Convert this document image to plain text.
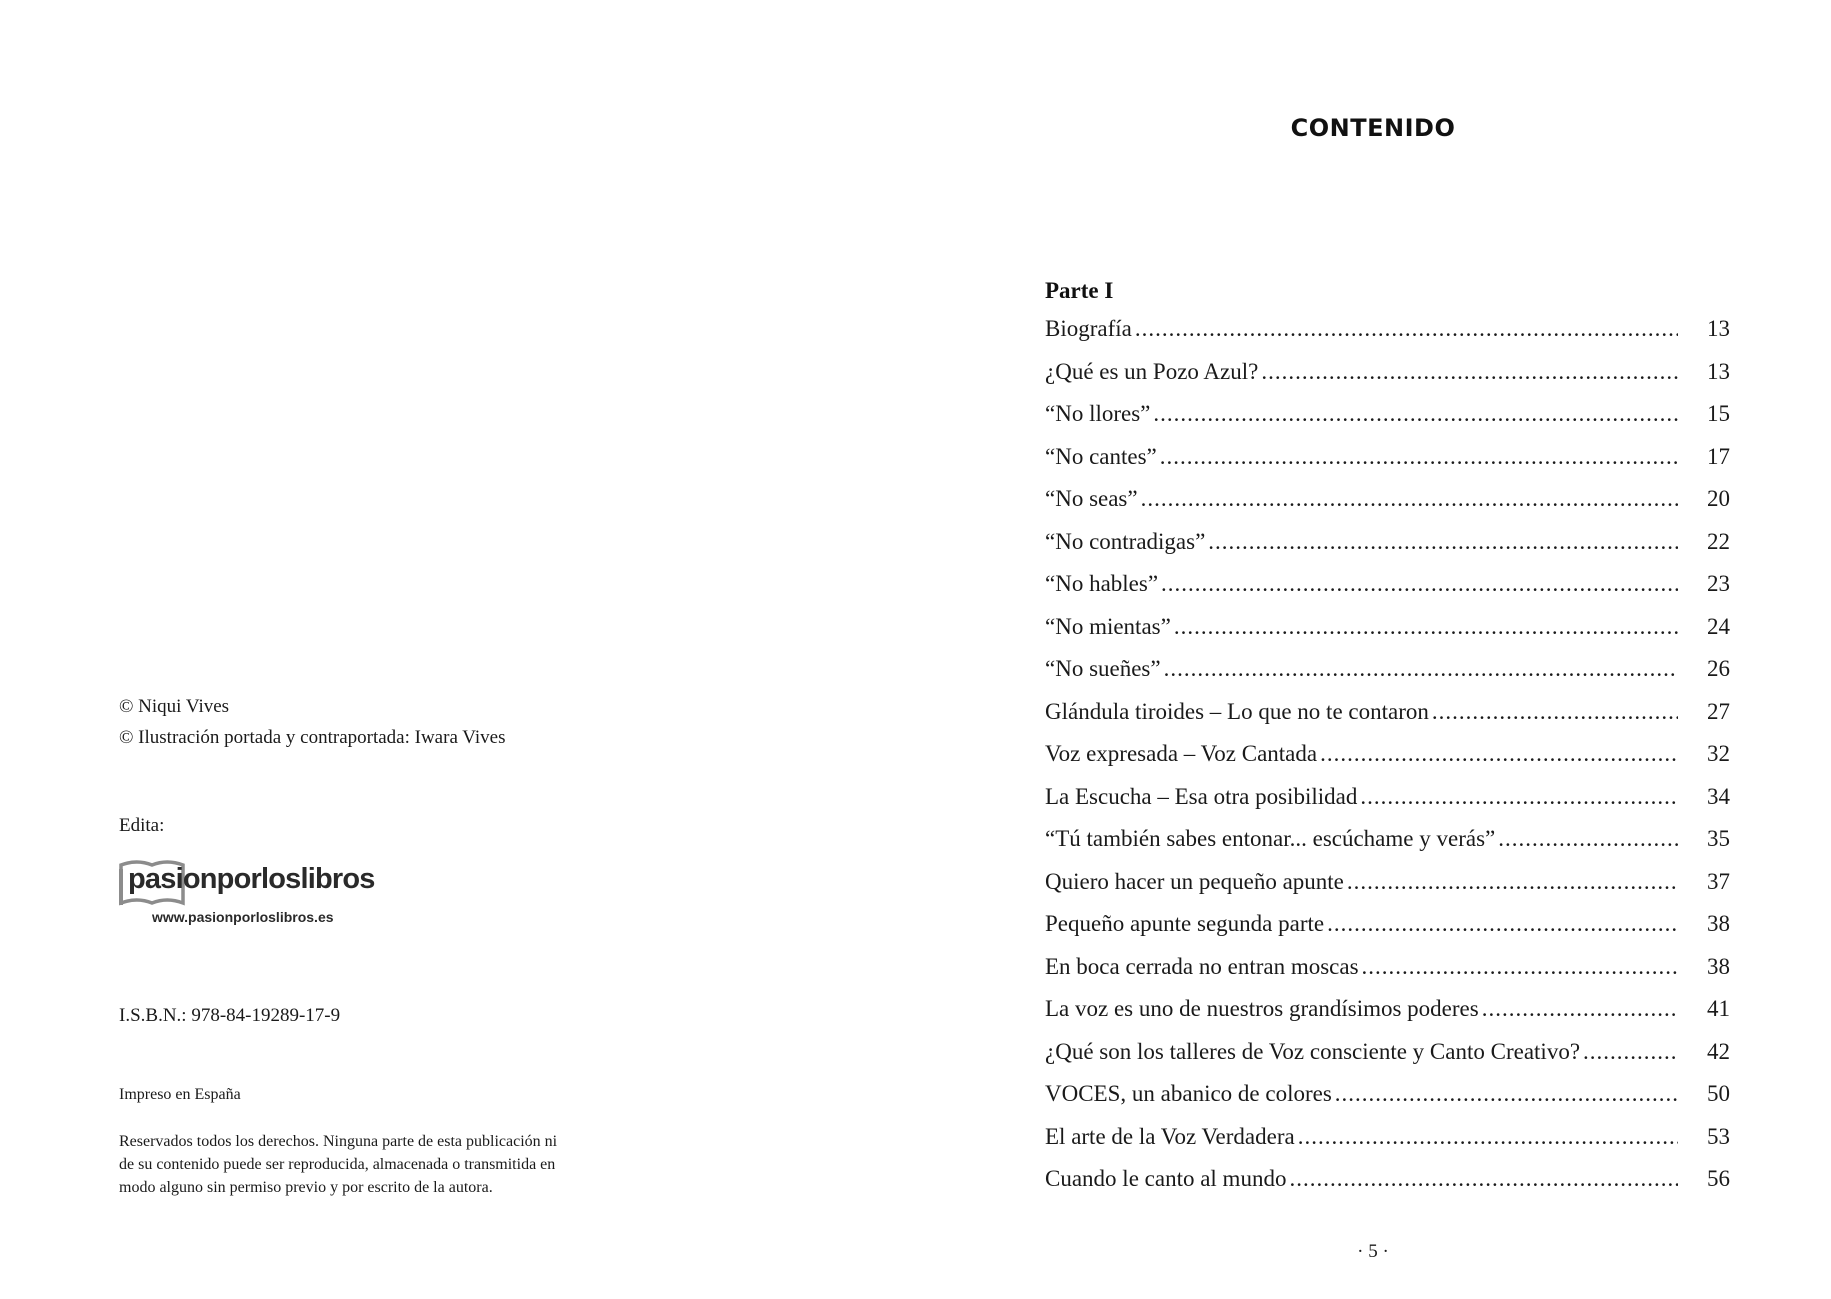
© Niqui Vives
© Ilustración portada y contraportada: Iwara Vives
Edita:
pasionporloslibros
www.pasionporloslibros.es
I.S.B.N.: 978-84-19289-17-9
Impreso en España
Reservados todos los derechos. Ninguna parte de esta publicación ni
de su contenido puede ser reproducida, almacenada o transmitida en
modo alguno sin permiso previo y por escrito de la autora.
CONTENIDO
Parte I
Biografía .....	13
¿Qué es un Pozo Azul? .....	13
“No llores” .....	15
“No cantes” .....	17
“No seas” .....	20
“No contradigas” .....	22
“No hables” .....	23
“No mientas” .....	24
“No sueñes” .....	26
Glándula tiroides – Lo que no te contaron .....	27
Voz expresada – Voz Cantada .....	32
La Escucha – Esa otra posibilidad .....	34
“Tú también sabes entonar... escúchame y verás” .....	35
Quiero hacer un pequeño apunte .....	37
Pequeño apunte segunda parte .....	38
En boca cerrada no entran moscas .....	38
La voz es uno de nuestros grandísimos poderes .....	41
¿Qué son los talleres de Voz consciente y Canto Creativo? .....	42
VOCES, un abanico de colores .....	50
El arte de la Voz Verdadera .....	53
Cuando le canto al mundo .....	56
· 5 ·
